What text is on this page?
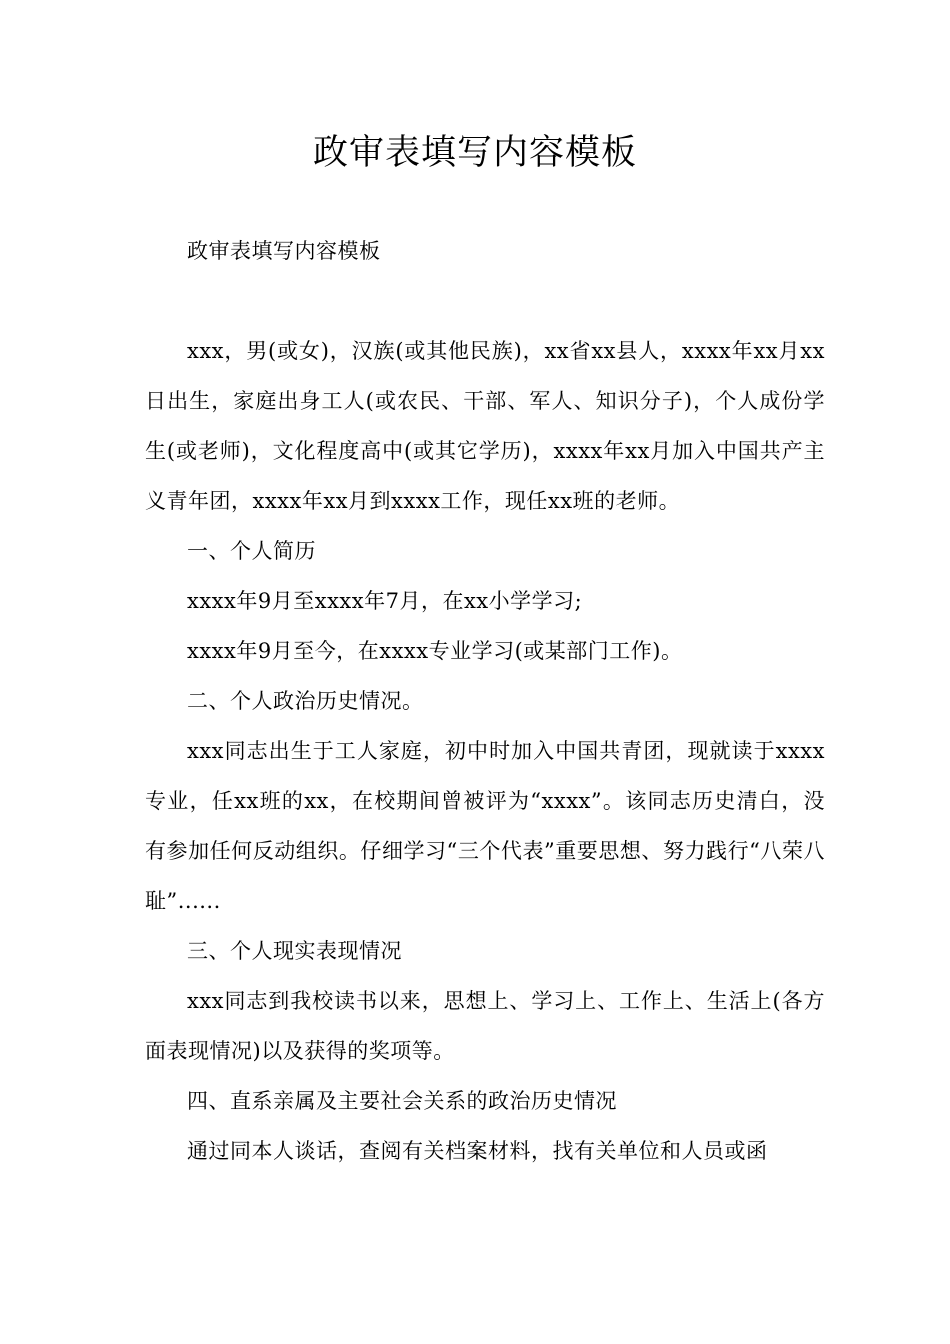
政审表填写内容模板

政审表填写内容模板

xxx，男(或女)，汉族(或其他民族)，xx省xx县人，xxxx年xx月xx日出生，家庭出身工人(或农民、干部、军人、知识分子)，个人成份学生(或老师)，文化程度高中(或其它学历)，xxxx年xx月加入中国共产主义青年团，xxxx年xx月到xxxx工作，现任xx班的老师。

一、个人简历

xxxx年9月至xxxx年7月，在xx小学学习;

xxxx年9月至今，在xxxx专业学习(或某部门工作)。

二、个人政治历史情况。

xxx同志出生于工人家庭，初中时加入中国共青团，现就读于xxxx专业，任xx班的xx，在校期间曾被评为“xxxx”。该同志历史清白，没有参加任何反动组织。仔细学习“三个代表”重要思想、努力践行“八荣八耻”......

三、个人现实表现情况

xxx同志到我校读书以来，思想上、学习上、工作上、生活上(各方面表现情况)以及获得的奖项等。

四、直系亲属及主要社会关系的政治历史情况

通过同本人谈话，查阅有关档案材料，找有关单位和人员或函
